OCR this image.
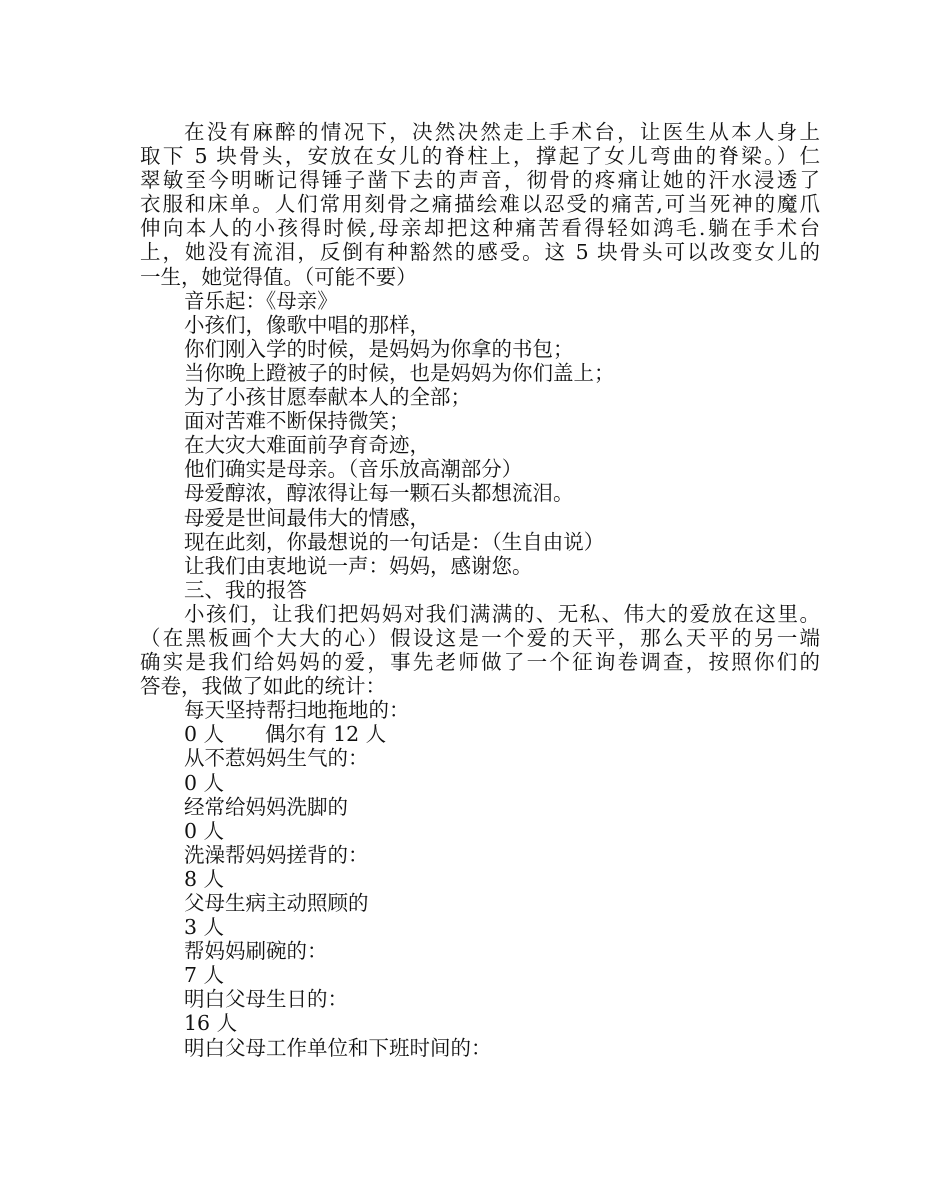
在没有麻醉的情况下，决然决然走上手术台，让医生从本人身上
取下 5 块骨头，安放在女儿的脊柱上，撑起了女儿弯曲的脊梁。）仁
翠敏至今明晰记得锤子凿下去的声音，彻骨的疼痛让她的汗水浸透了
衣服和床单。人们常用刻骨之痛描绘难以忍受的痛苦,可当死神的魔爪
伸向本人的小孩得时候,母亲却把这种痛苦看得轻如鸿毛.躺在手术台
上，她没有流泪，反倒有种豁然的感受。这 5 块骨头可以改变女儿的
一生，她觉得值。（可能不要）
音乐起：《母亲》
小孩们，像歌中唱的那样，
你们刚入学的时候，是妈妈为你拿的书包；
当你晚上蹬被子的时候，也是妈妈为你们盖上；
为了小孩甘愿奉献本人的全部；
面对苦难不断保持微笑；
在大灾大难面前孕育奇迹，
他们确实是母亲。（音乐放高潮部分）
母爱醇浓，醇浓得让每一颗石头都想流泪。
母爱是世间最伟大的情感，
现在此刻，你最想说的一句话是：（生自由说）
让我们由衷地说一声：妈妈，感谢您。
三、我的报答
小孩们，让我们把妈妈对我们满满的、无私、伟大的爱放在这里。
（在黑板画个大大的心）假设这是一个爱的天平，那么天平的另一端
确实是我们给妈妈的爱，事先老师做了一个征询卷调查，按照你们的
答卷，我做了如此的统计：
每天坚持帮扫地拖地的：
0 人　　偶尔有 12 人
从不惹妈妈生气的：
0 人
经常给妈妈洗脚的
0 人
洗澡帮妈妈搓背的：
8 人
父母生病主动照顾的
3 人
帮妈妈刷碗的：
7 人
明白父母生日的：
16 人
明白父母工作单位和下班时间的：
